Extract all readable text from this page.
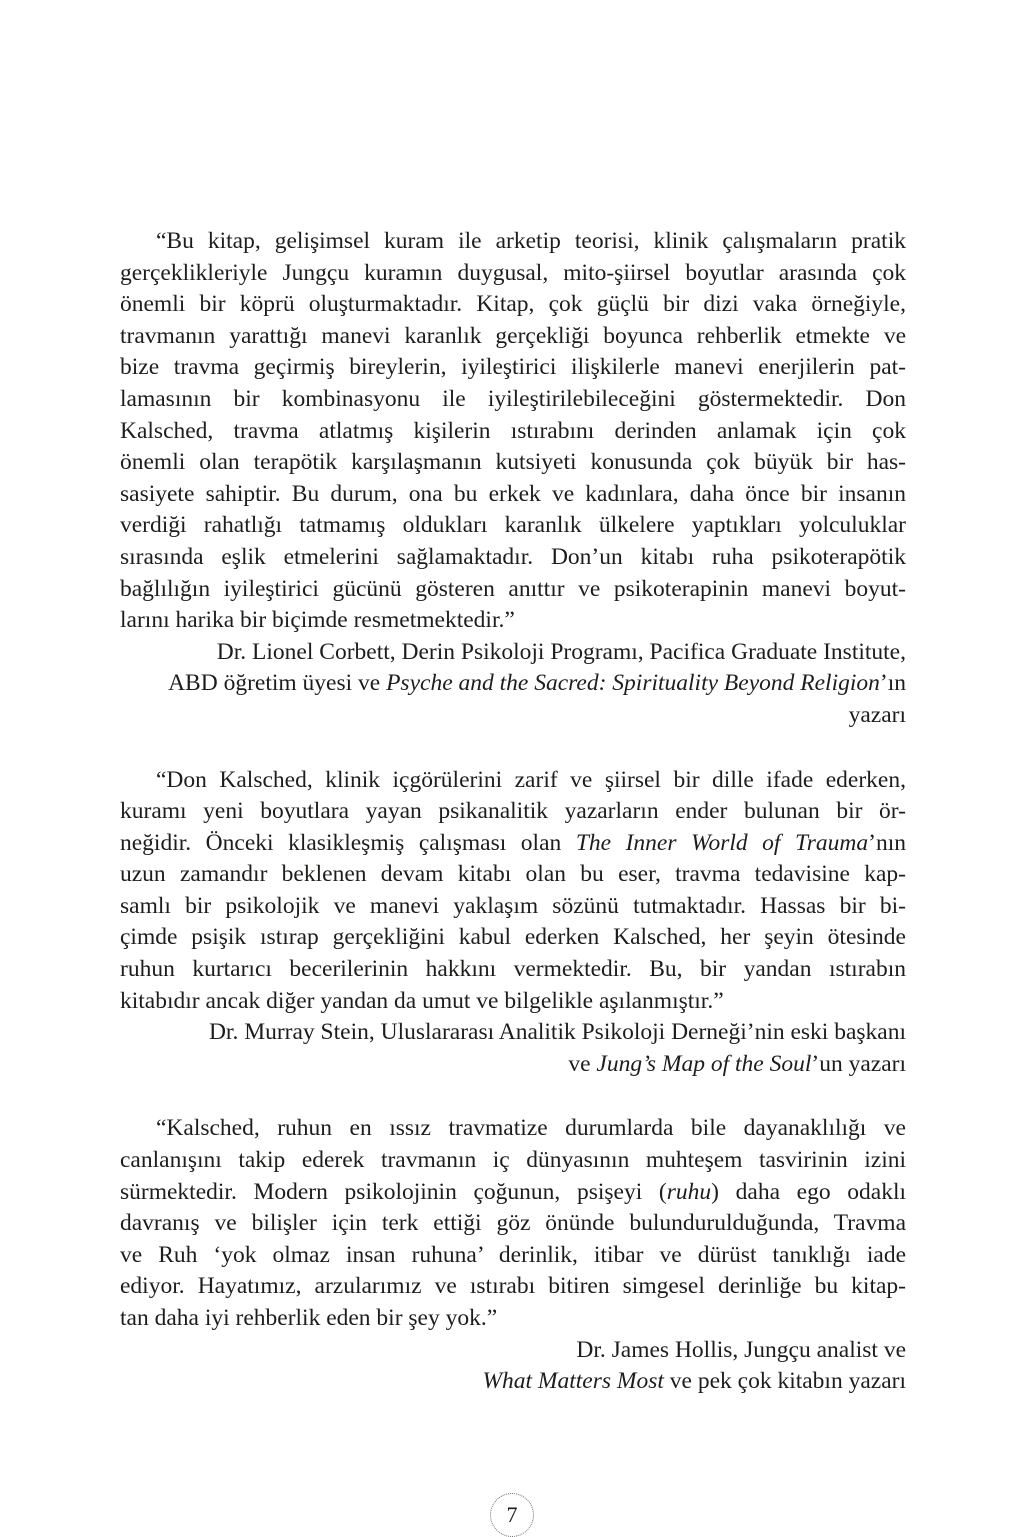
“Bu kitap, gelişimsel kuram ile arketip teorisi, klinik çalışmaların pratik
gerçeklikleriyle Jungçu kuramın duygusal, mito-şiirsel boyutlar arasında çok
önemli bir köprü oluşturmaktadır. Kitap, çok güçlü bir dizi vaka örneğiyle,
travmanın yarattığı manevi karanlık gerçekliği boyunca rehberlik etmekte ve
bize travma geçirmiş bireylerin, iyileştirici ilişkilerle manevi enerjilerin pat-
lamasının bir kombinasyonu ile iyileştirilebileceğini göstermektedir. Don
Kalsched, travma atlatmış kişilerin ıstırabını derinden anlamak için çok
önemli olan terapötik karşılaşmanın kutsiyeti konusunda çok büyük bir has-
sasiyete sahiptir. Bu durum, ona bu erkek ve kadınlara, daha önce bir insanın
verdiği rahatlığı tatmamış oldukları karanlık ülkelere yaptıkları yolculuklar
sırasında eşlik etmelerini sağlamaktadır. Don’un kitabı ruha psikoterapötik
bağlılığın iyileştirici gücünü gösteren anıttır ve psikoterapinin manevi boyut-
larını harika bir biçimde resmetmektedir.”
Dr. Lionel Corbett, Derin Psikoloji Programı, Pacifica Graduate Institute,
ABD öğretim üyesi ve Psyche and the Sacred: Spirituality Beyond Religion’ın
yazarı
“Don Kalsched, klinik içgörülerini zarif ve şiirsel bir dille ifade ederken,
kuramı yeni boyutlara yayan psikanalitik yazarların ender bulunan bir ör-
neğidir. Önceki klasikleşmiş çalışması olan The Inner World of Trauma’nın
uzun zamandır beklenen devam kitabı olan bu eser, travma tedavisine kap-
samlı bir psikolojik ve manevi yaklaşım sözünü tutmaktadır. Hassas bir bi-
çimde psişik ıstırap gerçekliğini kabul ederken Kalsched, her şeyin ötesinde
ruhun kurtarıcı becerilerinin hakkını vermektedir. Bu, bir yandan ıstırabın
kitabıdır ancak diğer yandan da umut ve bilgelikle aşılanmıştır.”
Dr. Murray Stein, Uluslararası Analitik Psikoloji Derneği’nin eski başkanı
ve Jung’s Map of the Soul’un yazarı
“Kalsched, ruhun en ıssız travmatize durumlarda bile dayanaklılığı ve
canlanışını takip ederek travmanın iç dünyasının muhteşem tasvirinin izini
sürmektedir. Modern psikolojinin çoğunun, psişeyi (ruhu) daha ego odaklı
davranış ve bilişler için terk ettiği göz önünde bulundurulduğunda, Travma
ve Ruh ‘yok olmaz insan ruhuna’ derinlik, itibar ve dürüst tanıklığı iade
ediyor. Hayatımız, arzularımız ve ıstırabı bitiren simgesel derinliğe bu kitap-
tan daha iyi rehberlik eden bir şey yok.”
Dr. James Hollis, Jungçu analist ve
What Matters Most ve pek çok kitabın yazarı
7
